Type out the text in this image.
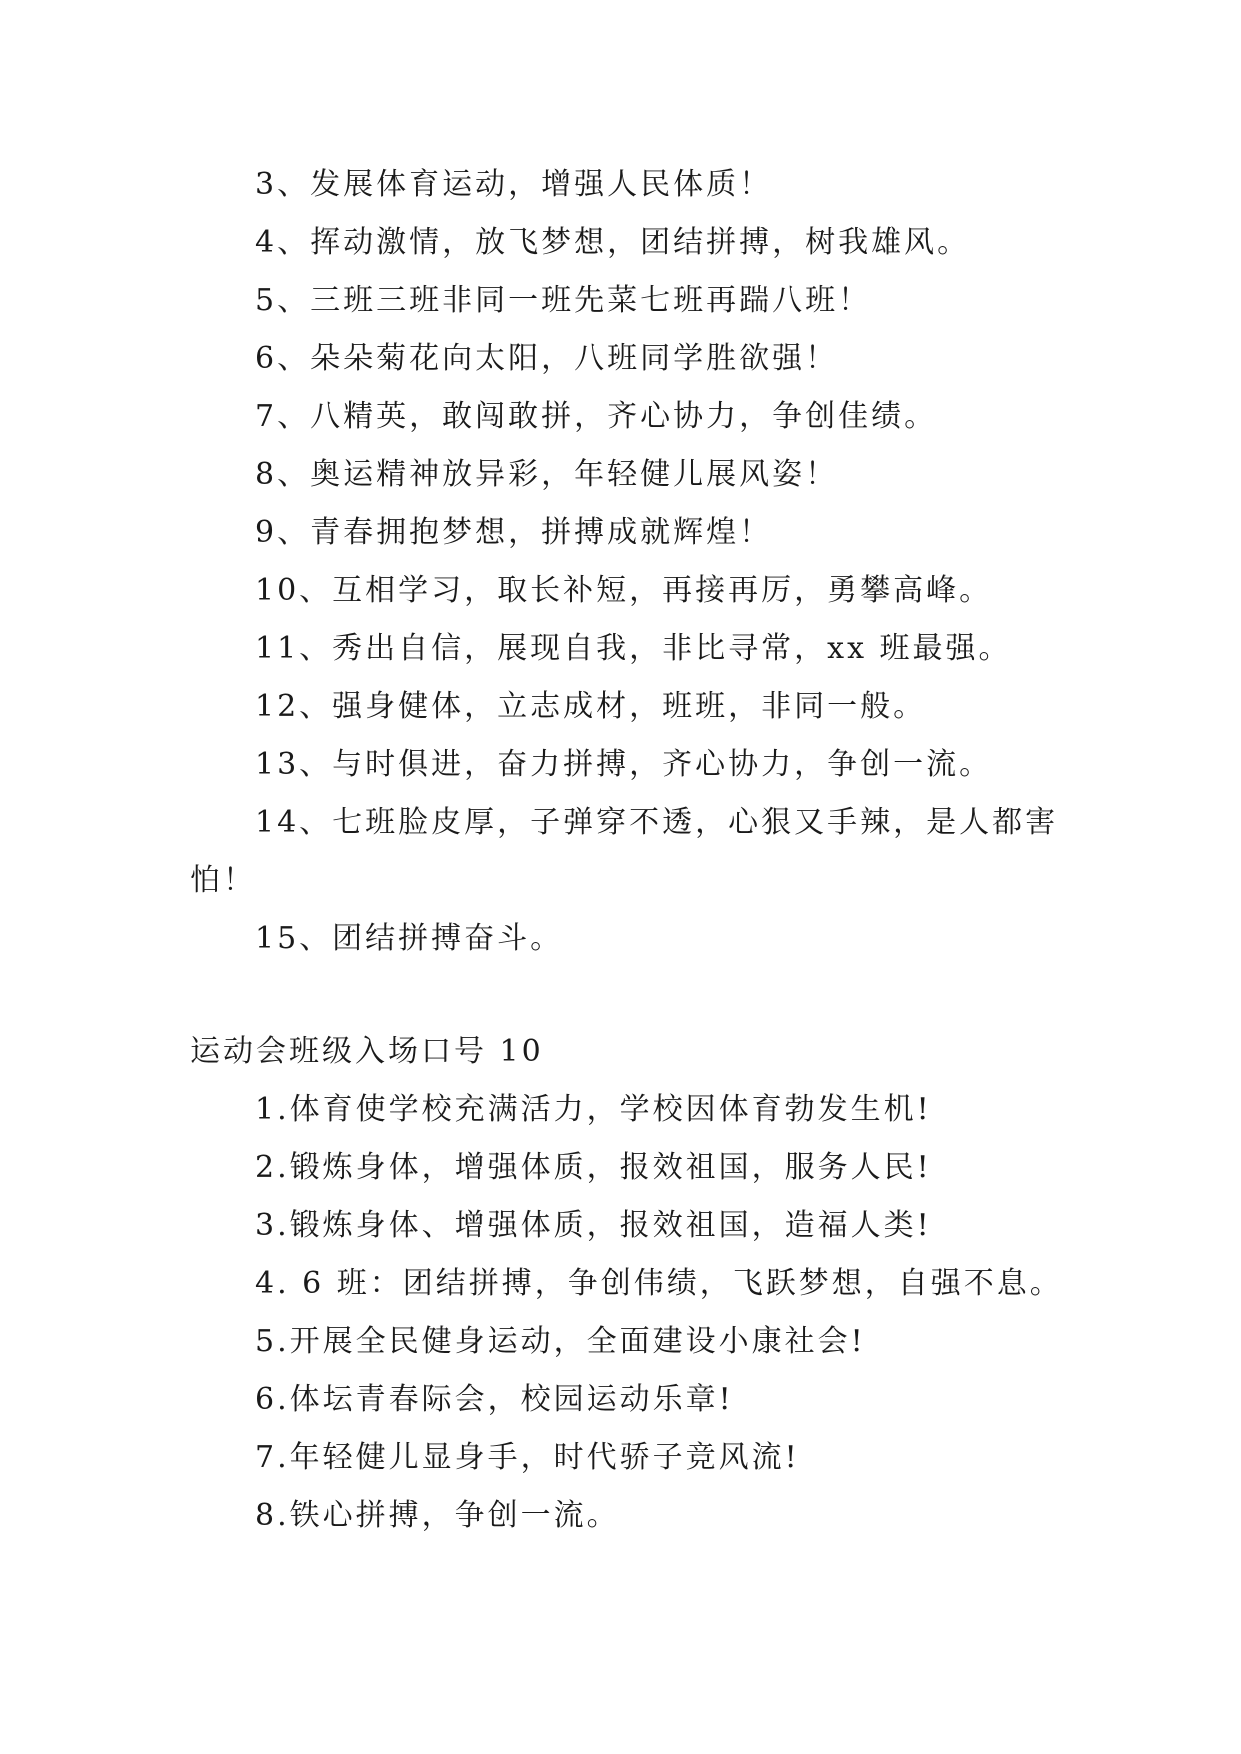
3、发展体育运动，增强人民体质！
4、挥动激情，放飞梦想，团结拼搏，树我雄风。
5、三班三班非同一班先菜七班再踹八班！
6、朵朵菊花向太阳，八班同学胜欲强！
7、八精英，敢闯敢拼，齐心协力，争创佳绩。
8、奥运精神放异彩，年轻健儿展风姿！
9、青春拥抱梦想，拼搏成就辉煌！
10、互相学习，取长补短，再接再厉，勇攀高峰。
11、秀出自信，展现自我，非比寻常，xx 班最强。
12、强身健体，立志成材，班班，非同一般。
13、与时俱进，奋力拼搏，齐心协力，争创一流。
14、七班脸皮厚，子弹穿不透，心狠又手辣，是人都害
怕！
15、团结拼搏奋斗。
运动会班级入场口号 10
1.体育使学校充满活力，学校因体育勃发生机!
2.锻炼身体，增强体质，报效祖国，服务人民!
3.锻炼身体、增强体质，报效祖国，造福人类!
4. 6 班：团结拼搏，争创伟绩，飞跃梦想，自强不息。
5.开展全民健身运动，全面建设小康社会!
6.体坛青春际会，校园运动乐章!
7.年轻健儿显身手，时代骄子竞风流!
8.铁心拼搏，争创一流。
